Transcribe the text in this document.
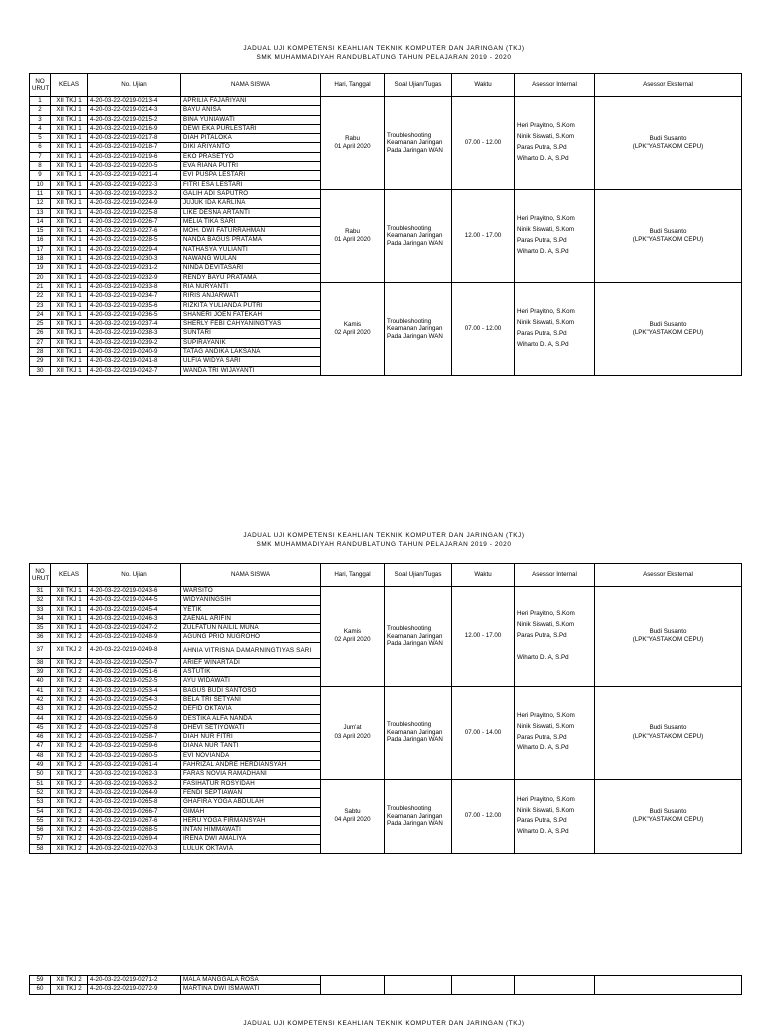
JADUAL UJI KOMPETENSI KEAHLIAN TEKNIK KOMPUTER DAN JARINGAN (TKJ)
SMK MUHAMMADIYAH RANDUBLATUNG TAHUN PELAJARAN 2019 - 2020
NO
URUT	KELAS	No. Ujian	NAMA SISWA	Hari, Tanggal	Soal Ujian/Tugas	Waktu	Asessor Internal	Asessor Eksternal

1	XII TKJ 1	4-20-03-22-0219-0213-4	APRILIA FAJARIYANI	Rabu
01 April 2020	Troubleshooting
Keamanan Jaringan
Pada Jaringan WAN	07.00 - 12.00	Heri Prayitno, S.Kom
Ninik Siswati, S.Kom
Paras Putra, S.Pd
Wiharto D. A, S.Pd	Budi Susanto
(LPK"YASTAKOM CEPU)

2	XII TKJ 1	4-20-03-22-0219-0214-3	BAYU ANISA					
3	XII TKJ 1	4-20-03-22-0219-0215-2	BINA YUNIAWATI					
4	XII TKJ 1	4-20-03-22-0219-0216-9	DEWI EKA PURLESTARI					
5	XII TKJ 1	4-20-03-22-0219-0217-8	DIAH PITALOKA					
6	XII TKJ 1	4-20-03-22-0219-0218-7	DIKI ARIYANTO					
7	XII TKJ 1	4-20-03-22-0219-0219-6	EKO PRASETYO					
8	XII TKJ 1	4-20-03-22-0219-0220-5	EVA RIANA PUTRI					
9	XII TKJ 1	4-20-03-22-0219-0221-4	EVI PUSPA LESTARI					
10	XII TKJ 1	4-20-03-22-0219-0222-3	FITRI ESA LESTARI					
11	XII TKJ 1	4-20-03-22-0219-0223-2	GALIH ADI SAPUTRO	Rabu
01 April 2020	Troubleshooting
Keamanan Jaringan
Pada Jaringan WAN	12.00 - 17.00	Heri Prayitno, S.Kom
Ninik Siswati, S.Kom
Paras Putra, S.Pd
Wiharto D. A, S.Pd	Budi Susanto
(LPK"YASTAKOM CEPU)

12	XII TKJ 1	4-20-03-22-0219-0224-9	JUJUK IDA KARLINA					
13	XII TKJ 1	4-20-03-22-0219-0225-8	LIKE DESNA ARTANTI					
14	XII TKJ 1	4-20-03-22-0219-0226-7	MELIA TIKA SARI					
15	XII TKJ 1	4-20-03-22-0219-0227-6	MOH. DWI FATURRAHMAN					
16	XII TKJ 1	4-20-03-22-0219-0228-5	NANDA BAGUS PRATAMA					
17	XII TKJ 1	4-20-03-22-0219-0229-4	NATHASYA YULIANTI					
18	XII TKJ 1	4-20-03-22-0219-0230-3	NAWANG WULAN					
19	XII TKJ 1	4-20-03-22-0219-0231-2	NINDA DEVITASARI					
20	XII TKJ 1	4-20-03-22-0219-0232-9	RENDY BAYU PRATAMA					
21	XII TKJ 1	4-20-03-22-0219-0233-8	RIA NURYANTI	Kamis
02 April 2020	Troubleshooting
Keamanan Jaringan
Pada Jaringan WAN	07.00 - 12.00	Heri Prayitno, S.Kom
Ninik Siswati, S.Kom
Paras Putra, S.Pd
Wiharto D. A, S.Pd	Budi Susanto
(LPK"YASTAKOM CEPU)

22	XII TKJ 1	4-20-03-22-0219-0234-7	RIRIS ANJARWATI					
23	XII TKJ 1	4-20-03-22-0219-0235-6	RIZKITA YULIANDA PUTRI					
24	XII TKJ 1	4-20-03-22-0219-0236-5	SHANERI JOEN FATEKAH					
25	XII TKJ 1	4-20-03-22-0219-0237-4	SHERLY FEBI CAHYANINGTYAS					
26	XII TKJ 1	4-20-03-22-0219-0238-3	SUNTARI					
27	XII TKJ 1	4-20-03-22-0219-0239-2	SUPIRAYANIK					
28	XII TKJ 1	4-20-03-22-0219-0240-9	TATAG ANDIKA LAKSANA					
29	XII TKJ 1	4-20-03-22-0219-0241-8	ULFIA WIDYA SARI					
30	XII TKJ 1	4-20-03-22-0219-0242-7	WANDA TRI WIJAYANTI					
JADUAL UJI KOMPETENSI KEAHLIAN TEKNIK KOMPUTER DAN JARINGAN (TKJ)
SMK MUHAMMADIYAH RANDUBLATUNG TAHUN PELAJARAN 2019 - 2020
NO
URUT	KELAS	No. Ujian	NAMA SISWA	Hari, Tanggal	Soal Ujian/Tugas	Waktu	Asessor Internal	Asessor Eksternal

31	XII TKJ 1	4-20-03-22-0219-0243-6	WARSITO	Kamis
02 April 2020	Troubleshooting
Keamanan Jaringan
Pada Jaringan WAN	12.00 - 17.00	Heri Prayitno, S.Kom
Ninik Siswati, S.Kom
Paras Putra, S.Pd

Wiharto D. A, S.Pd	Budi Susanto
(LPK"YASTAKOM CEPU)

32	XII TKJ 1	4-20-03-22-0219-0244-5	WIDYANINGSIH					
33	XII TKJ 1	4-20-03-22-0219-0245-4	YETIK					
34	XII TKJ 1	4-20-03-22-0219-0246-3	ZAENAL ARIFIN					
35	XII TKJ 1	4-20-03-22-0219-0247-2	ZULFATUN NAILIL MUNA					
36	XII TKJ 2	4-20-03-22-0219-0248-9	AGUNG PRIO NUGROHO					
37	XII TKJ 2	4-20-03-22-0219-0249-8	AHNIA VITRISNA DAMARNINGTIYAS SARI					
38	XII TKJ 2	4-20-03-22-0219-0250-7	ARIEF WINARTADI					
39	XII TKJ 2	4-20-03-22-0219-0251-6	ASTUTIK					
40	XII TKJ 2	4-20-03-22-0219-0252-5	AYU WIDAWATI					
41	XII TKJ 2	4-20-03-22-0219-0253-4	BAGUS BUDI SANTOSO	Jum'at
03 April 2020	Troubleshooting
Keamanan Jaringan
Pada Jaringan WAN	07.00 - 14.00	Heri Prayitno, S.Kom
Ninik Siswati, S.Kom
Paras Putra, S.Pd
Wiharto D. A, S.Pd	Budi Susanto
(LPK"YASTAKOM CEPU)

42	XII TKJ 2	4-20-03-22-0219-0254-3	BELA TRI SETYANI					
43	XII TKJ 2	4-20-03-22-0219-0255-2	DEFID OKTAVIA					
44	XII TKJ 2	4-20-03-22-0219-0256-9	DESTIKA ALFA NANDA					
45	XII TKJ 2	4-20-03-22-0219-0257-8	DHEVI SETIYOWATI					
46	XII TKJ 2	4-20-03-22-0219-0258-7	DIAH NUR FITRI					
47	XII TKJ 2	4-20-03-22-0219-0259-6	DIANA NUR TANTI					
48	XII TKJ 2	4-20-03-22-0219-0260-5	EVI NOVIANDA					
49	XII TKJ 2	4-20-03-22-0219-0261-4	FAHRIZAL ANDRE HERDIANSYAH					
50	XII TKJ 2	4-20-03-22-0219-0262-3	FARAS NOVIA RAMADHANI					
51	XII TKJ 2	4-20-03-22-0219-0263-2	FASIHATUR ROSYIDAH	Sabtu
04 April 2020	Troubleshooting
Keamanan Jaringan
Pada Jaringan WAN	07.00 - 12.00	Heri Prayitno, S.Kom
Ninik Siswati, S.Kom
Paras Putra, S.Pd
Wiharto D. A, S.Pd	Budi Susanto
(LPK"YASTAKOM CEPU)

52	XII TKJ 2	4-20-03-22-0219-0264-9	FENDI SEPTIAWAN					
53	XII TKJ 2	4-20-03-22-0219-0265-8	GHAFIRA YOGA ABDULAH					
54	XII TKJ 2	4-20-03-22-0219-0266-7	GIMAH					
55	XII TKJ 2	4-20-03-22-0219-0267-6	HERU YOGA FIRMANSYAH					
56	XII TKJ 2	4-20-03-22-0219-0268-5	INTAN HIMMAWATI					
57	XII TKJ 2	4-20-03-22-0219-0269-4	IRENA DWI AMALIYA					
58	XII TKJ 2	4-20-03-22-0219-0270-3	LULUK OKTAVIA					
59	XII TKJ 2	4-20-03-22-0219-0271-2	MALA MANGGALA ROSA	

60	XII TKJ 2	4-20-03-22-0219-0272-9	MARTINA DWI ISMAWATI					
JADUAL UJI KOMPETENSI KEAHLIAN TEKNIK KOMPUTER DAN JARINGAN (TKJ)
